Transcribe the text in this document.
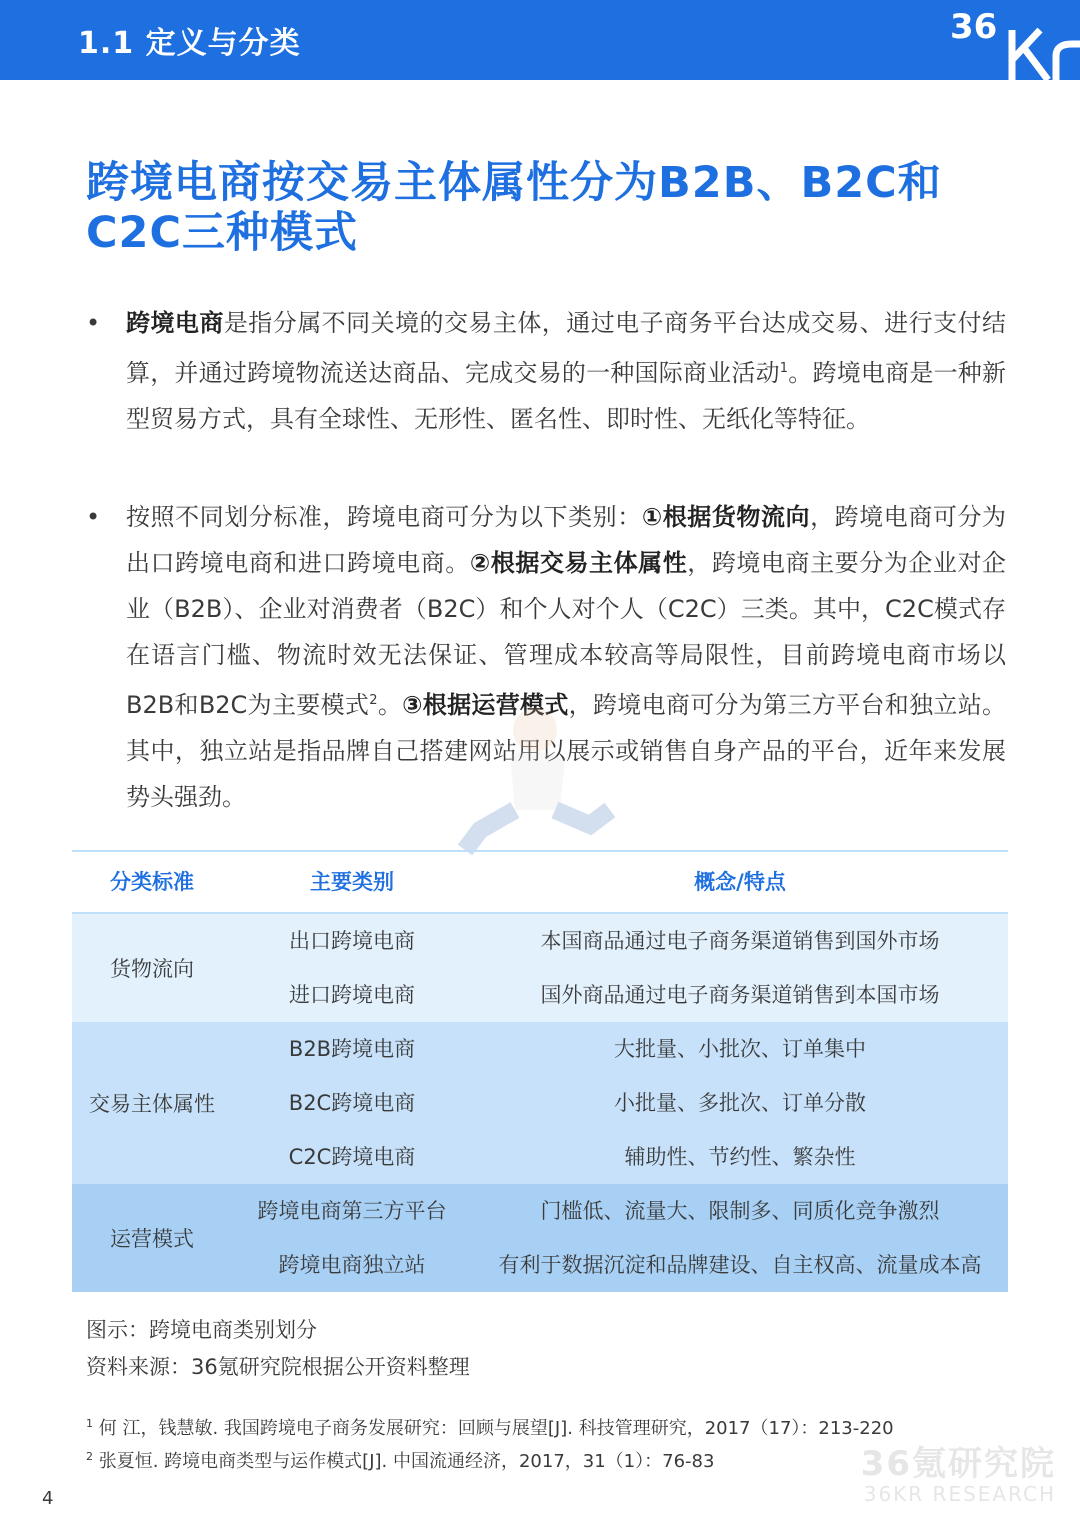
1.1 定义与分类	36
跨境电商按交易主体属性分为B2B、B2C和C2C三种模式
• 跨境电商是指分属不同关境的交易主体，通过电子商务平台达成交易、进行支付结算，并通过跨境物流送达商品、完成交易的一种国际商业活动$^1$。跨境电商是一种新型贸易方式，具有全球性、无形性、匿名性、即时性、无纸化等特征。
• 按照不同划分标准，跨境电商可分为以下类别：①根据货物流向，跨境电商可分为出口跨境电商和进口跨境电商。②根据交易主体属性，跨境电商主要分为企业对企业（B2B）、企业对消费者（B2C）和个人对个人（C2C）三类。其中，C2C模式存在语言门槛、物流时效无法保证、管理成本较高等局限性，目前跨境电商市场以B2B和B2C为主要模式$^2$。③根据运营模式，跨境电商可分为第三方平台和独立站。其中，独立站是指品牌自己搭建网站用以展示或销售自身产品的平台，近年来发展势头强劲。
分类标准	主要类别	概念/特点
货物流向
出口跨境电商	本国商品通过电子商务渠道销售到国外市场
进口跨境电商	国外商品通过电子商务渠道销售到本国市场
交易主体属性
B2B跨境电商	大批量、小批次、订单集中
B2C跨境电商	小批量、多批次、订单分散
C2C跨境电商	辅助性、节约性、繁杂性
运营模式
跨境电商第三方平台	门槛低、流量大、限制多、同质化竞争激烈
跨境电商独立站	有利于数据沉淀和品牌建设、自主权高、流量成本高
图示：跨境电商类别划分
资料来源：36氪研究院根据公开资料整理
$^1$ 何 江，钱慧敏. 我国跨境电子商务发展研究：回顾与展望[J]. 科技管理研究，2017（17）：213-220
$^2$ 张夏恒. 跨境电商类型与运作模式[J]. 中国流通经济，2017，31（1）：76-83	36氪研究院
36KR RESEARCH
4
